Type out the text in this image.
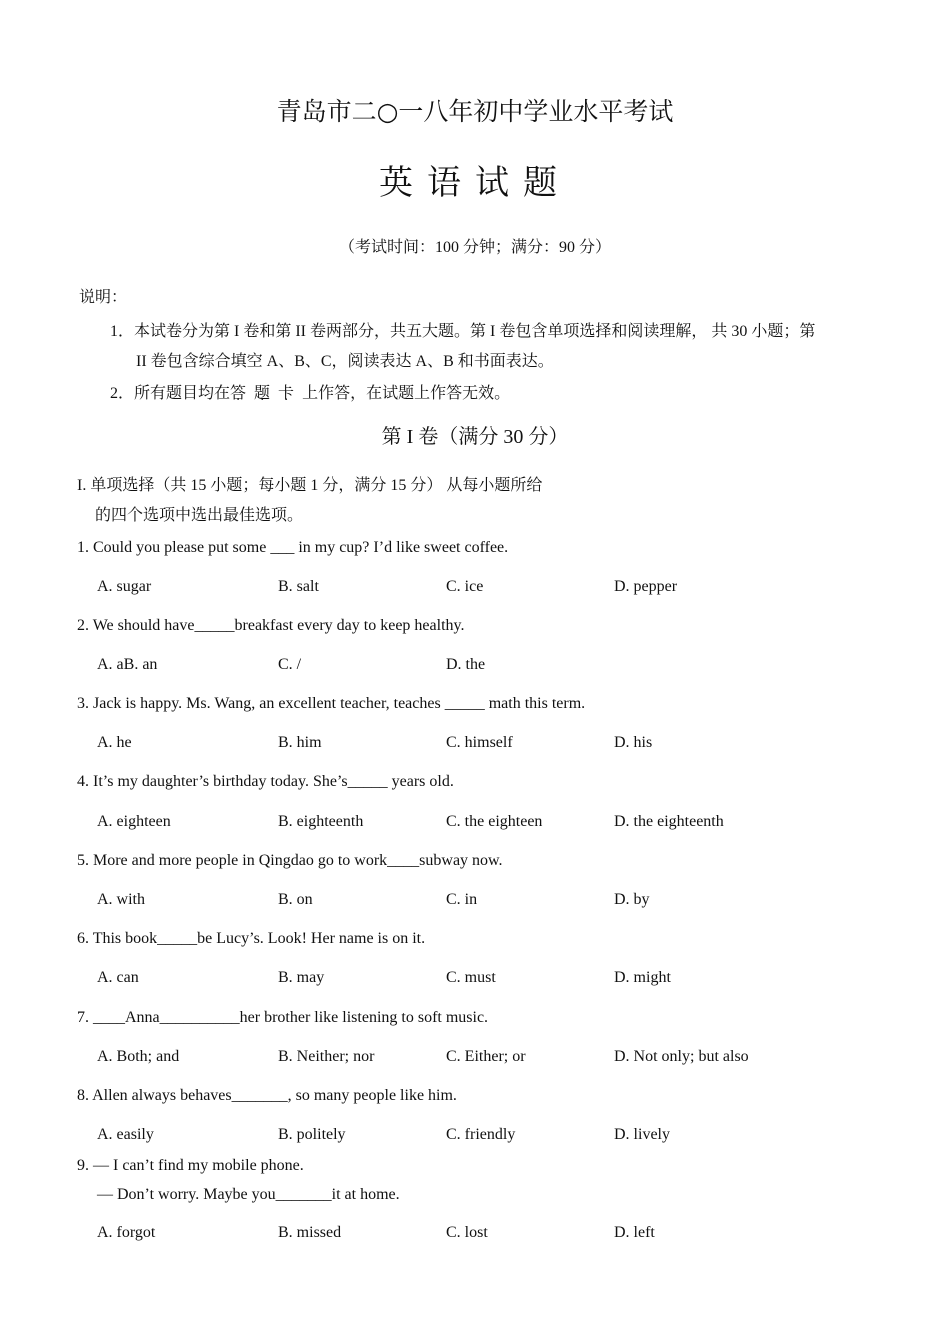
青岛市二○一八年初中学业水平考试
英语试题
（考试时间：100 分钟；满分：90 分）
说明：
1．本试卷分为第 I 卷和第 II 卷两部分，共五大题。第 I 卷包含单项选择和阅读理解， 共 30 小题；第
II 卷包含综合填空 A、B、C，阅读表达 A、B 和书面表达。
2．所有题目均在答 . 题 . 卡 . 上作答，在试题上作答无效。
第 I 卷（满分 30 分）
I. 单项选择（共 15 小题；每小题 1 分，满分 15 分） 从每小题所给
的四个选项中选出最佳选项。
1. Could you please put some ___ in my cup? I’d like sweet coffee.
A. sugar	B. salt	C. ice	D. pepper
2. We should have_____breakfast every day to keep healthy.
A. aB. an	C. /	D. the
3. Jack is happy. Ms. Wang, an excellent teacher, teaches _____ math this term.
A. he	B. him	C. himself	D. his
4. It’s my daughter’s birthday today. She’s_____ years old.
A. eighteen	B. eighteenth	C. the eighteen	D. the eighteenth
5. More and more people in Qingdao go to work____subway now.
A. with	B. on	C. in	D. by
6. This book_____be Lucy’s. Look! Her name is on it.
A. can	B. may	C. must	D. might
7. ____Anna__________her brother like listening to soft music.
A. Both; and	B. Neither; nor	C. Either; or	D. Not only; but also
8. Allen always behaves_______, so many people like him.
A. easily	B. politely	C. friendly	D. lively
9. — I can’t find my mobile phone.
— Don’t worry. Maybe you_______it at home.
A. forgot	B. missed	C. lost	D. left
